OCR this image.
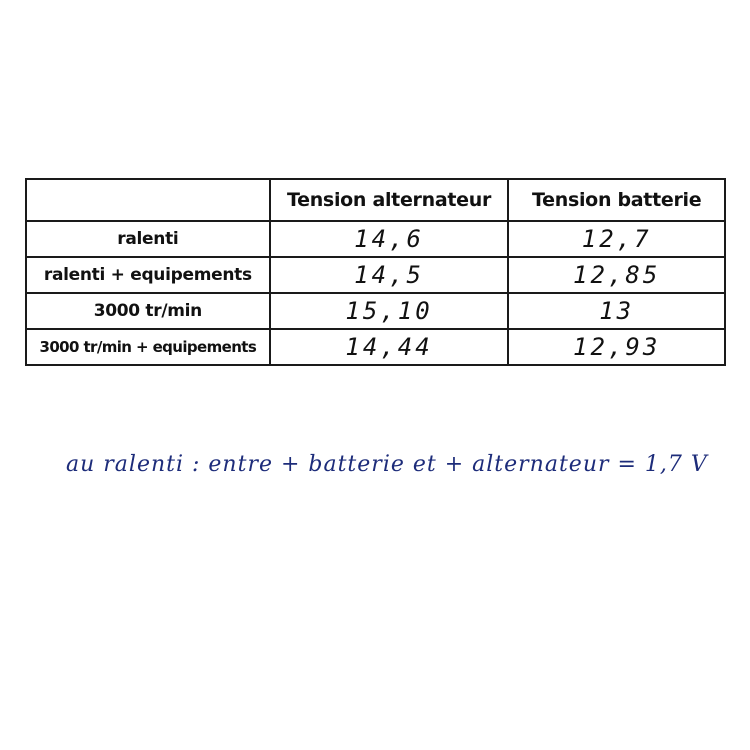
	Tension alternateur	Tension batterie
ralenti	14,6	12,7
ralenti + equipements	14,5	12,85
3000 tr/min	15,10	13
3000 tr/min + equipements	14,44	12,93
au ralenti : entre + batterie et + alternateur = 1,7 V
